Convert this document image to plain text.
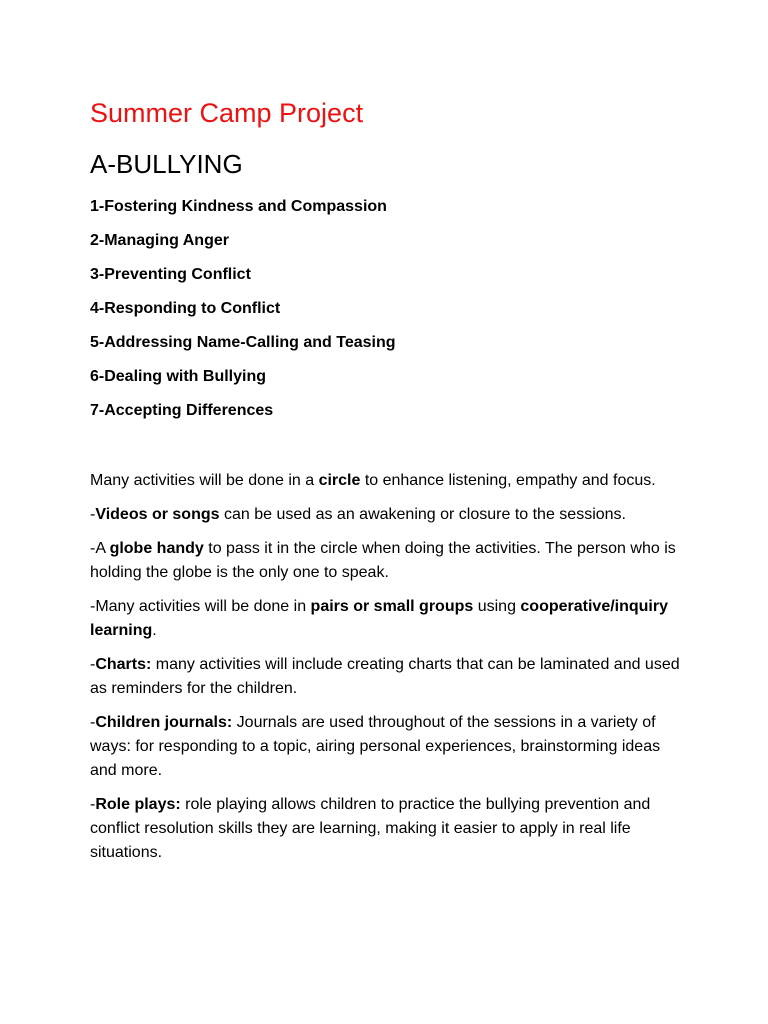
Summer Camp Project
A-BULLYING
1-Fostering Kindness and Compassion
2-Managing Anger
3-Preventing Conflict
4-Responding to Conflict
5-Addressing Name-Calling and Teasing
6-Dealing with Bullying
7-Accepting Differences

Many activities will be done in a circle to enhance listening, empathy and focus.

-Videos or songs can be used as an awakening or closure to the sessions.

-A globe handy to pass it in the circle when doing the activities. The person who is holding the globe is the only one to speak.

-Many activities will be done in pairs or small groups using cooperative/inquiry learning.

-Charts: many activities will include creating charts that can be laminated and used as reminders for the children.

-Children journals: Journals are used throughout of the sessions in a variety of ways: for responding to a topic, airing personal experiences, brainstorming ideas and more.

-Role plays: role playing allows children to practice the bullying prevention and conflict resolution skills they are learning, making it easier to apply in real life situations.
